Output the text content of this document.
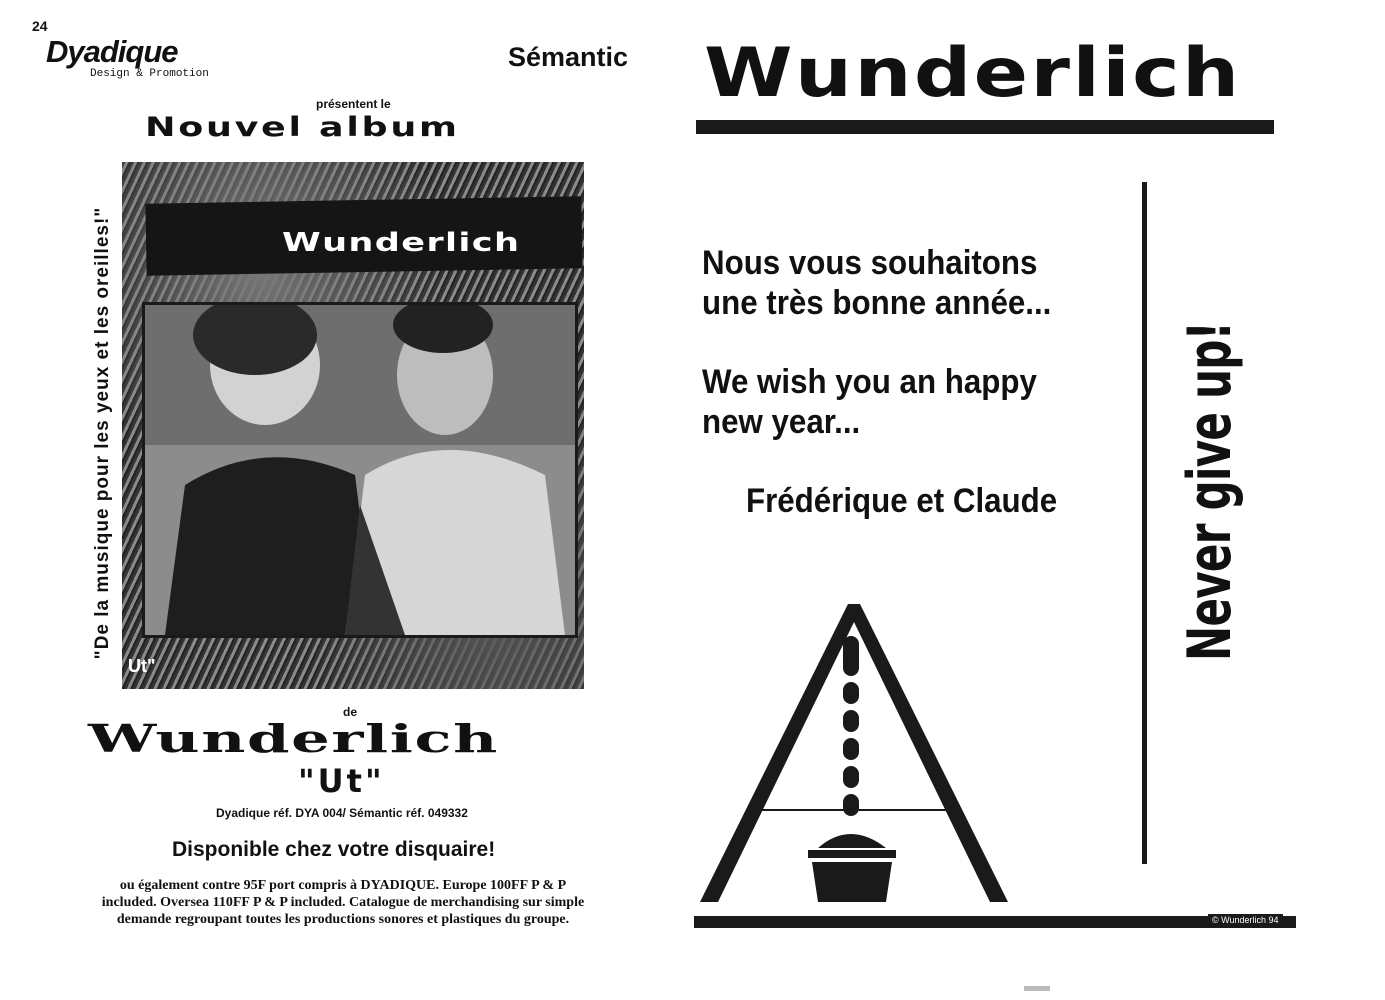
24
Dyadique
Design & Promotion
Sémantic
présentent le
Nouvel album
"De la musique pour les yeux et les oreilles!"	Wunderlich
Ut"
de
Wunderlich
"Ut"
Dyadique réf. DYA 004/ Sémantic réf. 049332
Disponible chez votre disquaire!
ou également contre 95F port compris à DYADIQUE. Europe 100FF P & P
included. Oversea 110FF P & P included. Catalogue de merchandising sur simple
demande regroupant toutes les productions sonores et plastiques du groupe.
Wunderlich
Nous vous souhaitons
une très bonne année...
We wish you an happy
new year...
Frédérique et Claude Never give up!
© Wunderlich 94
